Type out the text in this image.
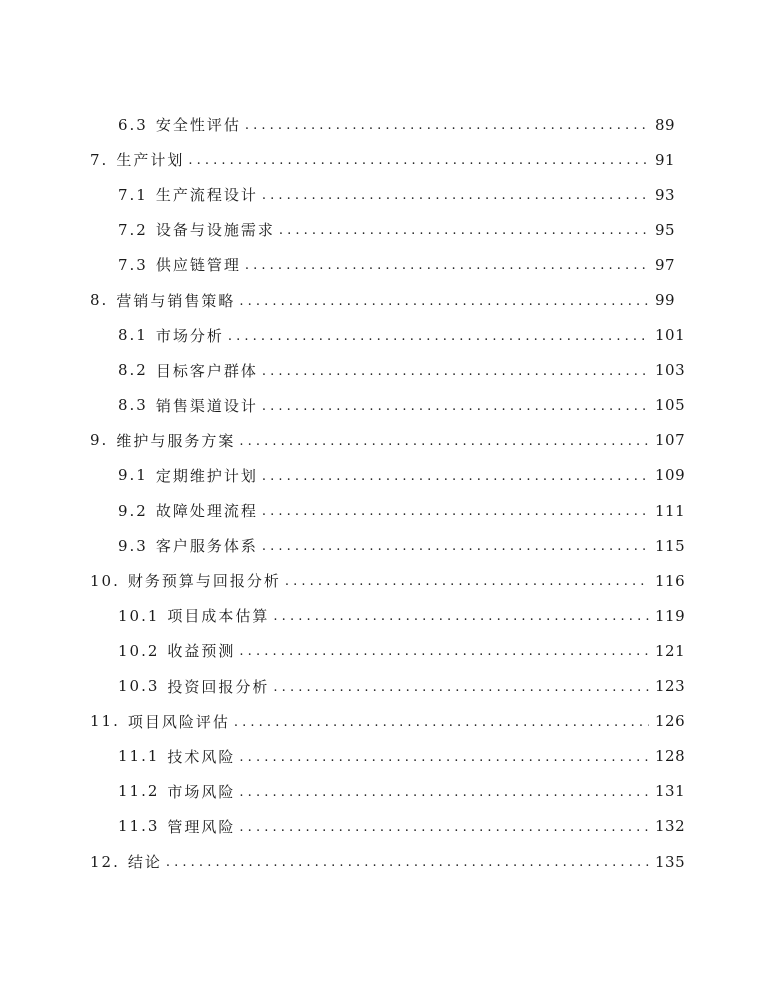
6.3 安全性评估 . . .	89
7. 生产计划 . . .	91
7.1 生产流程设计 . . .	93
7.2 设备与设施需求 . . .	95
7.3 供应链管理 . . .	97
8. 营销与销售策略 . . .	99
8.1 市场分析 . . .	101
8.2 目标客户群体 . . .	103
8.3 销售渠道设计 . . .	105
9. 维护与服务方案 . . .	107
9.1 定期维护计划 . . .	109
9.2 故障处理流程 . . .	111
9.3 客户服务体系 . . .	115
10. 财务预算与回报分析 . . .	116
10.1 项目成本估算 . . .	119
10.2 收益预测 . . .	121
10.3 投资回报分析 . . .	123
11. 项目风险评估 . . .	126
11.1 技术风险 . . .	128
11.2 市场风险 . . .	131
11.3 管理风险 . . .	132
12. 结论 . . .	135
